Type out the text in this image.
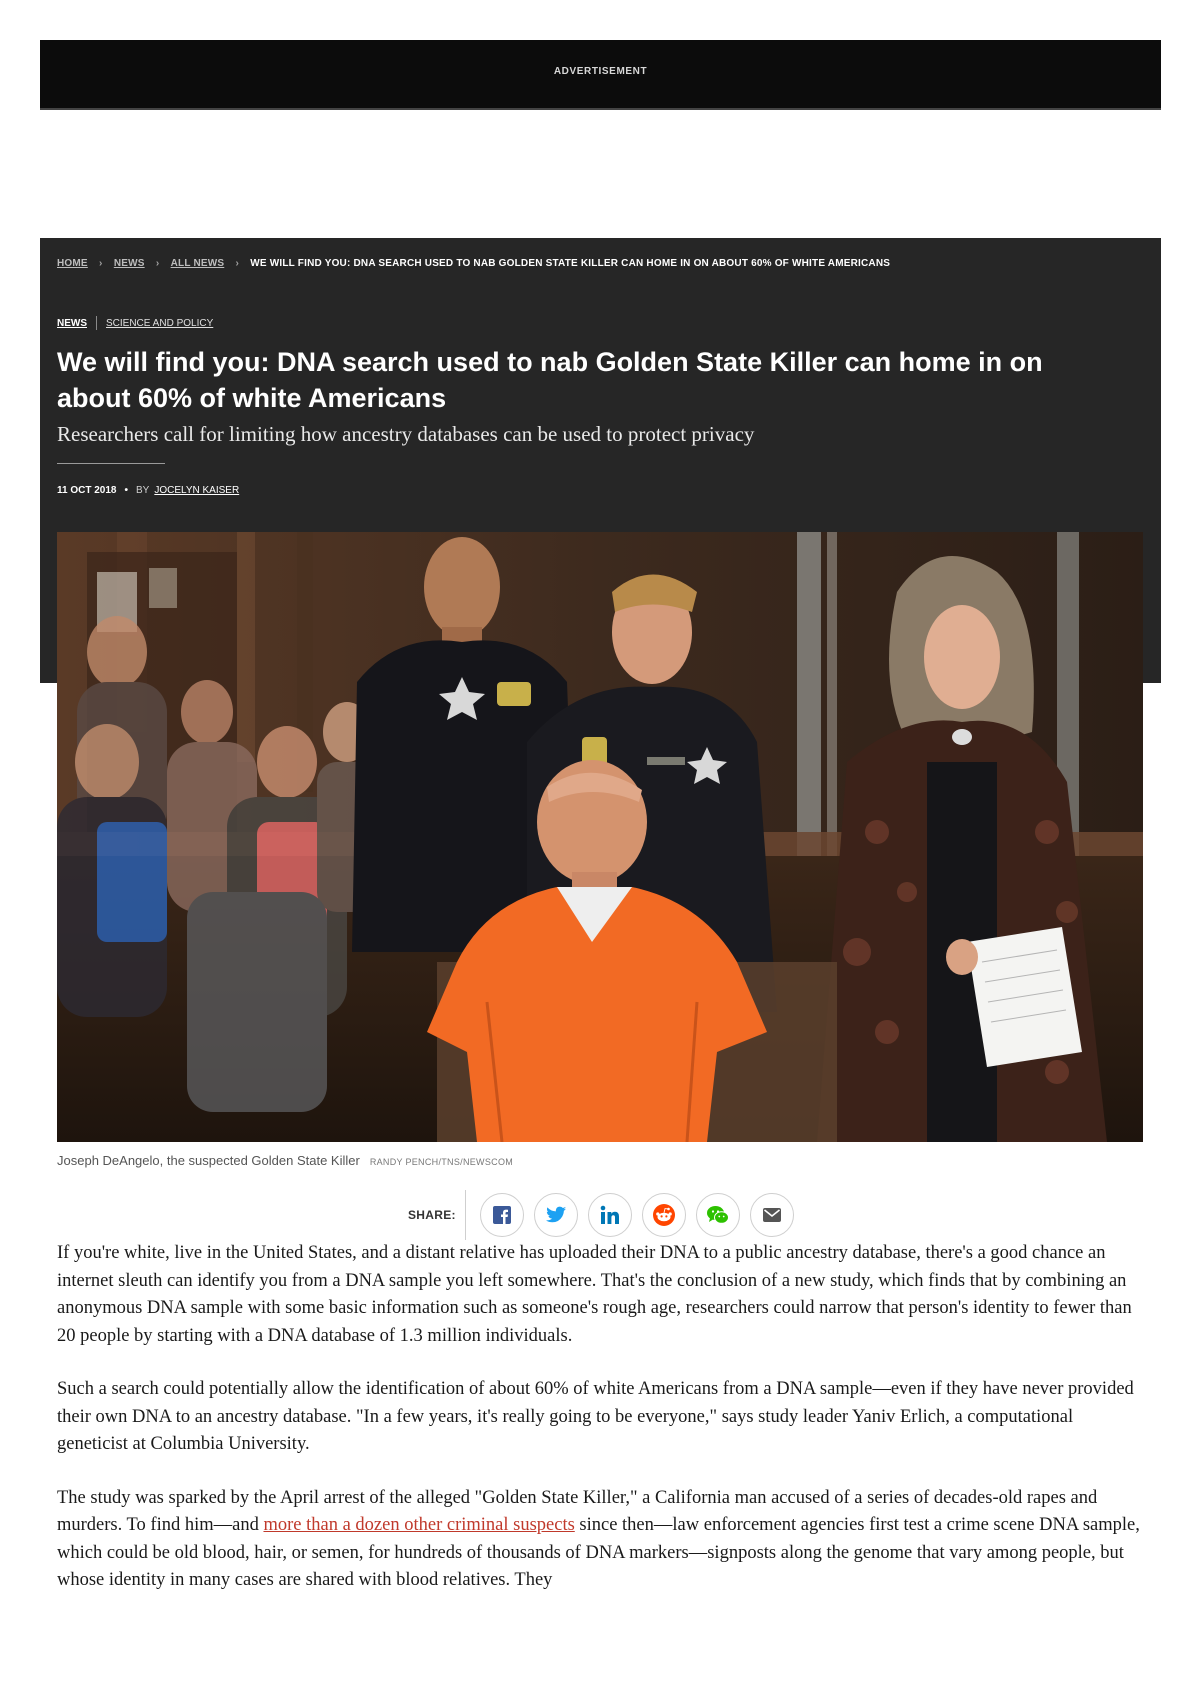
ADVERTISEMENT
HOME	›	NEWS	›	ALL NEWS	›	WE WILL FIND YOU: DNA SEARCH USED TO NAB GOLDEN STATE KILLER CAN HOME IN ON ABOUT 60% OF WHITE AMERICANS
NEWS SCIENCE AND POLICY
We will find you: DNA search used to nab Golden State Killer can home in on about 60% of white Americans

Researchers call for limiting how ancestry databases can be used to protect privacy

11 OCT 2018 • BY JOCELYN KAISER
Joseph DeAngelo, the suspected Golden State Killer RANDY PENCH/TNS/NEWSCOM
SHARE:

If you're white, live in the United States, and a distant relative has uploaded their DNA to a public ancestry database, there's a good chance an internet sleuth can identify you from a DNA sample you left somewhere. That's the conclusion of a new study, which finds that by combining an anonymous DNA sample with some basic information such as someone's rough age, researchers could narrow that person's identity to fewer than 20 people by starting with a DNA database of 1.3 million individuals.

Such a search could potentially allow the identification of about 60% of white Americans from a DNA sample—even if they have never provided their own DNA to an ancestry database. "In a few years, it's really going to be everyone," says study leader Yaniv Erlich, a computational geneticist at Columbia University.

The study was sparked by the April arrest of the alleged "Golden State Killer," a California man accused of a series of decades-old rapes and murders. To find him—and more than a dozen other criminal suspects since then—law enforcement agencies first test a crime scene DNA sample, which could be old blood, hair, or semen, for hundreds of thousands of DNA markers—signposts along the genome that vary among people, but whose identity in many cases are shared with blood relatives. They
